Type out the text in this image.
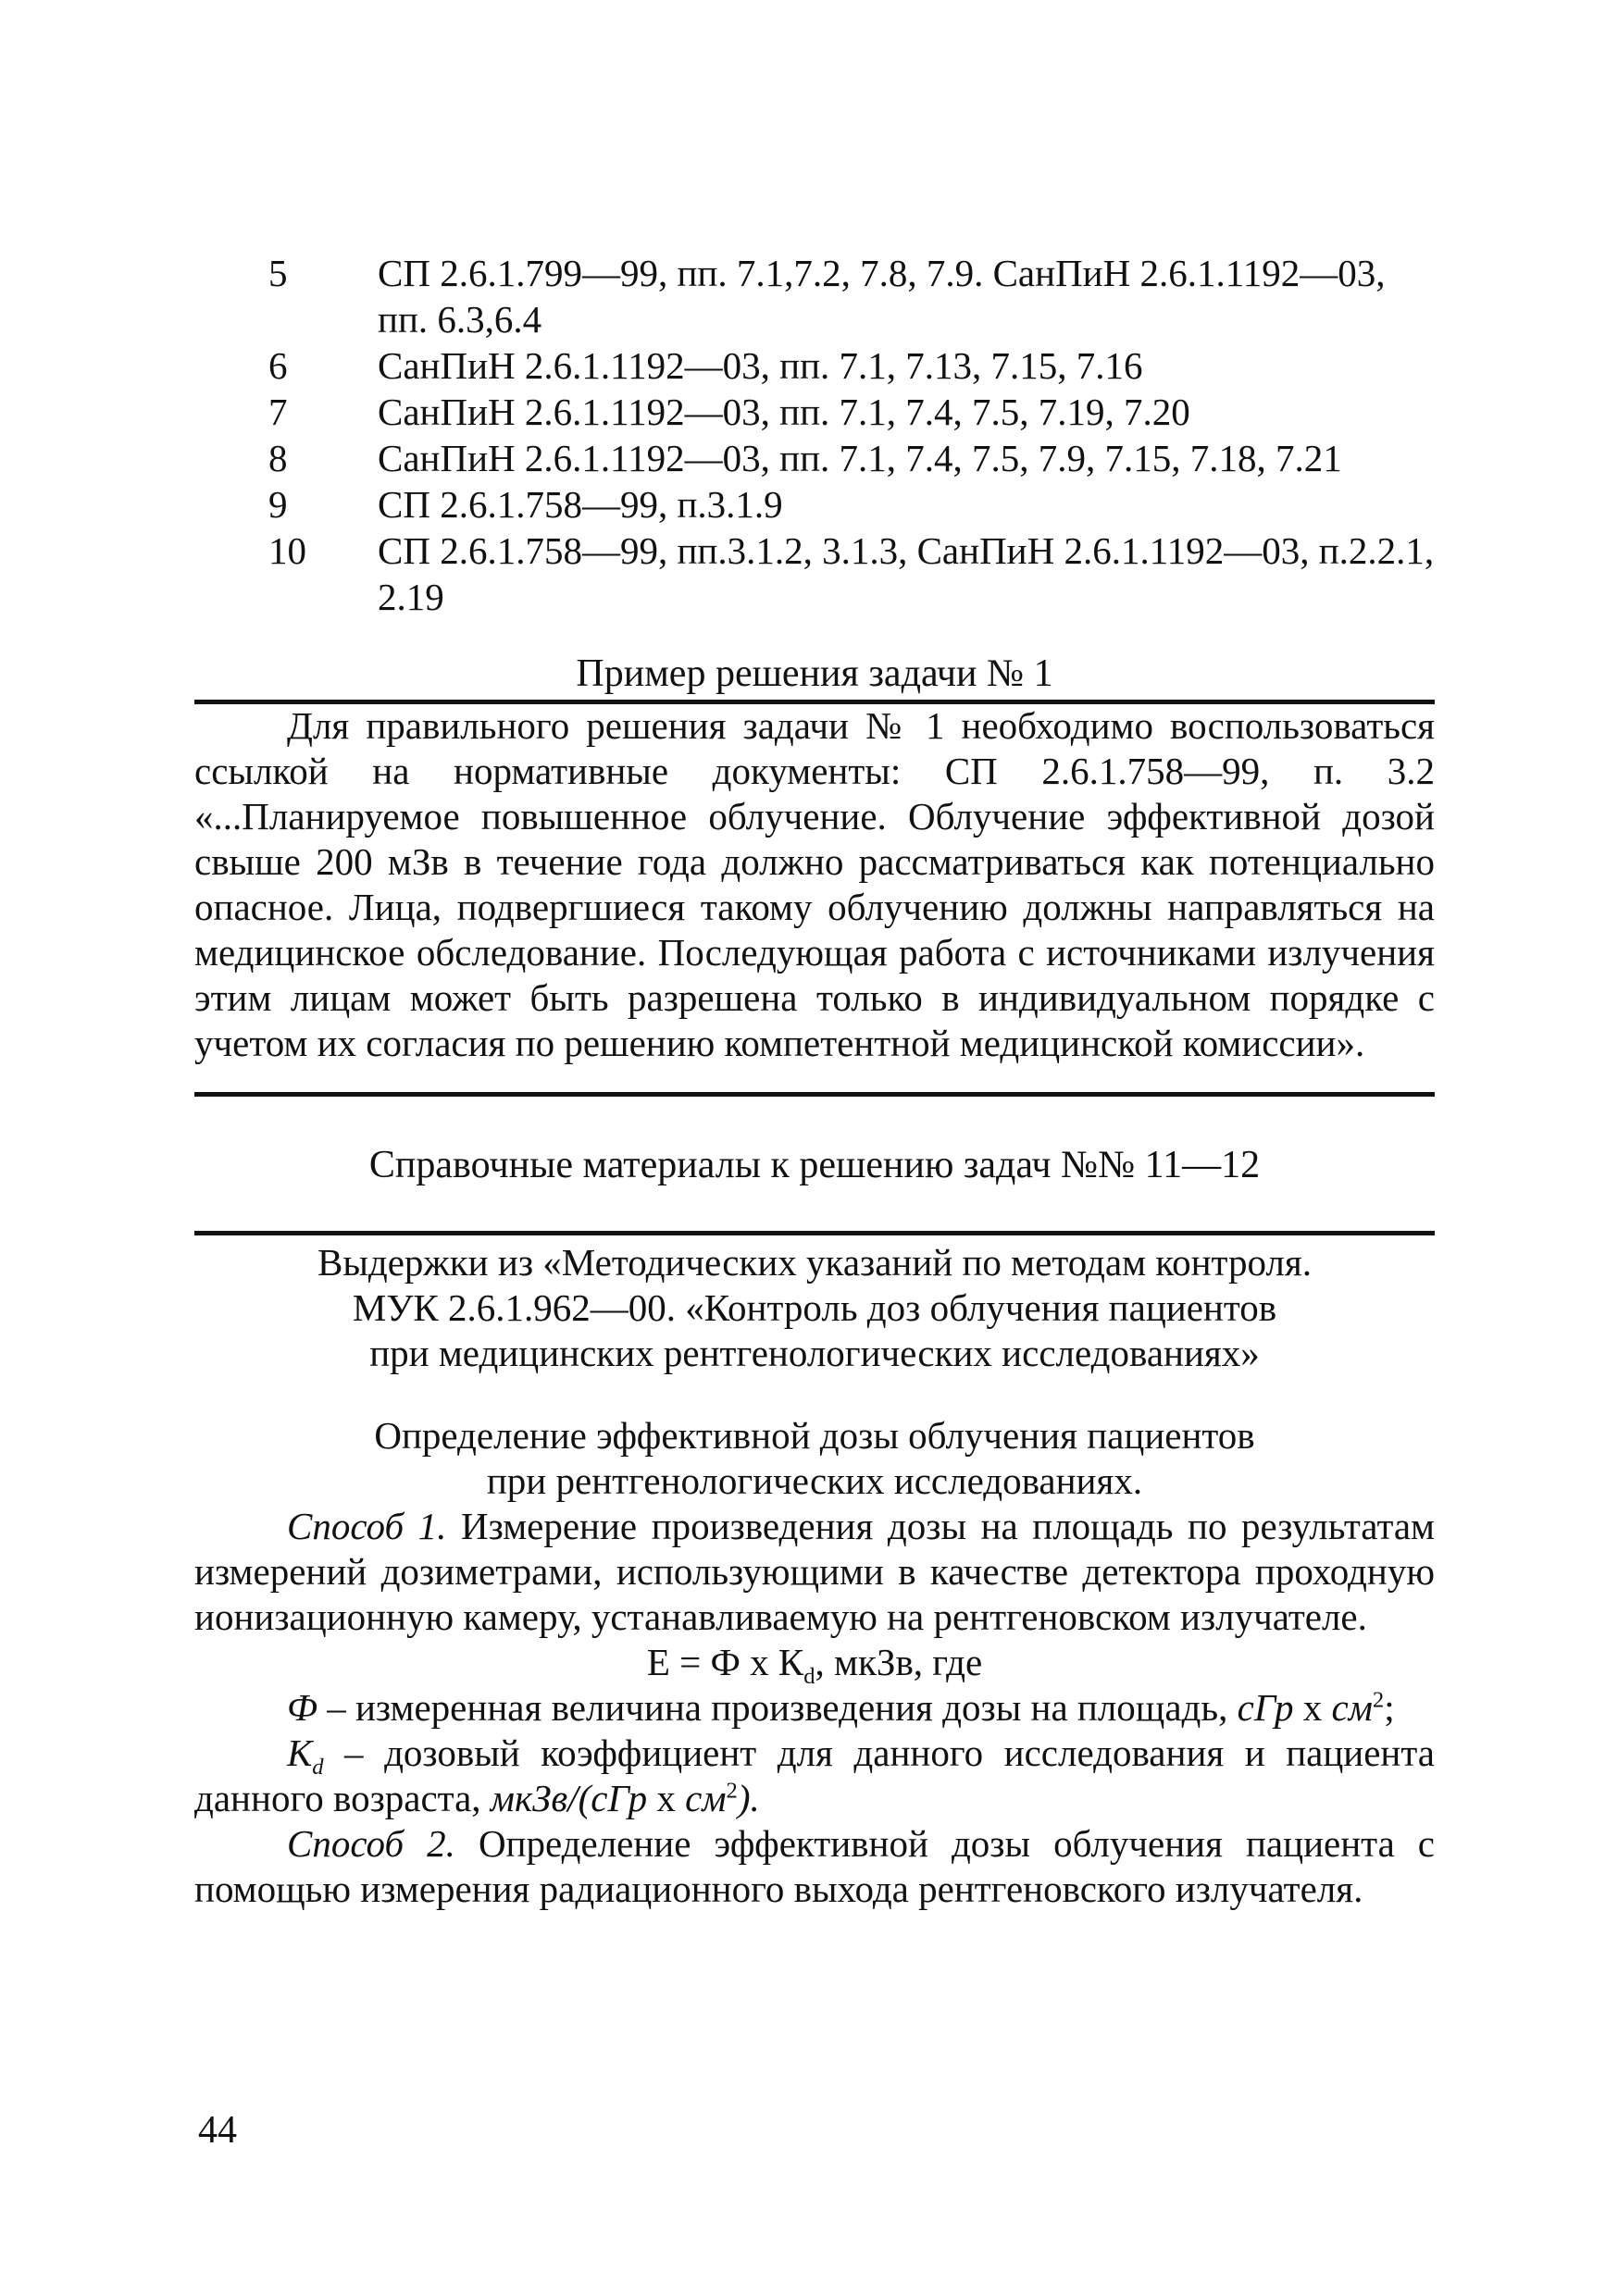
5	СП 2.6.1.799—99, пп. 7.1,7.2, 7.8, 7.9. СанПиН 2.6.1.1192—03, пп. 6.3,6.4
6	СанПиН 2.6.1.1192—03, пп. 7.1, 7.13, 7.15, 7.16
7	СанПиН 2.6.1.1192—03, пп. 7.1, 7.4, 7.5, 7.19, 7.20
8	СанПиН 2.6.1.1192—03, пп. 7.1, 7.4, 7.5, 7.9, 7.15, 7.18, 7.21
9	СП 2.6.1.758—99, п.3.1.9
10	СП 2.6.1.758—99, пп.3.1.2, 3.1.3, СанПиН 2.6.1.1192—03, п.2.2.1, 2.19
Пример решения задачи № 1

Для правильного решения задачи № 1 необходимо воспользоваться ссылкой на нормативные документы: СП 2.6.1.758—99, п. 3.2 «...Планируемое повышенное облучение. Облучение эффективной дозой свыше 200 мЗв в течение года должно рассматриваться как потенциально опасное. Лица, подвергшиеся такому облучению должны направляться на медицинское обследование. Последующая работа с источниками излучения этим лицам может быть разрешена только в индивидуальном порядке с учетом их согласия по решению компетентной медицинской комиссии».

Справочные материалы к решению задач №№ 11—12

Выдержки из «Методических указаний по методам контроля.

МУК 2.6.1.962—00. «Контроль доз облучения пациентов

при медицинских рентгенологических исследованиях»

Определение эффективной дозы облучения пациентов

при рентгенологических исследованиях.

Способ 1. Измерение произведения дозы на площадь по результатам измерений дозиметрами, использующими в качестве детектора проходную ионизационную камеру, устанавливаемую на рентгеновском излучателе.

Е = Ф х $К_d$, мкЗв, где

Ф – измеренная величина произведения дозы на площадь, сГр х $см^2$;

$К_d$ – дозовый коэффициент для данного исследования и пациента данного возраста, мкЗв/(сГр х $см^2$).

Способ 2. Определение эффективной дозы облучения пациента с помощью измерения радиационного выхода рентгеновского излучателя.

44
